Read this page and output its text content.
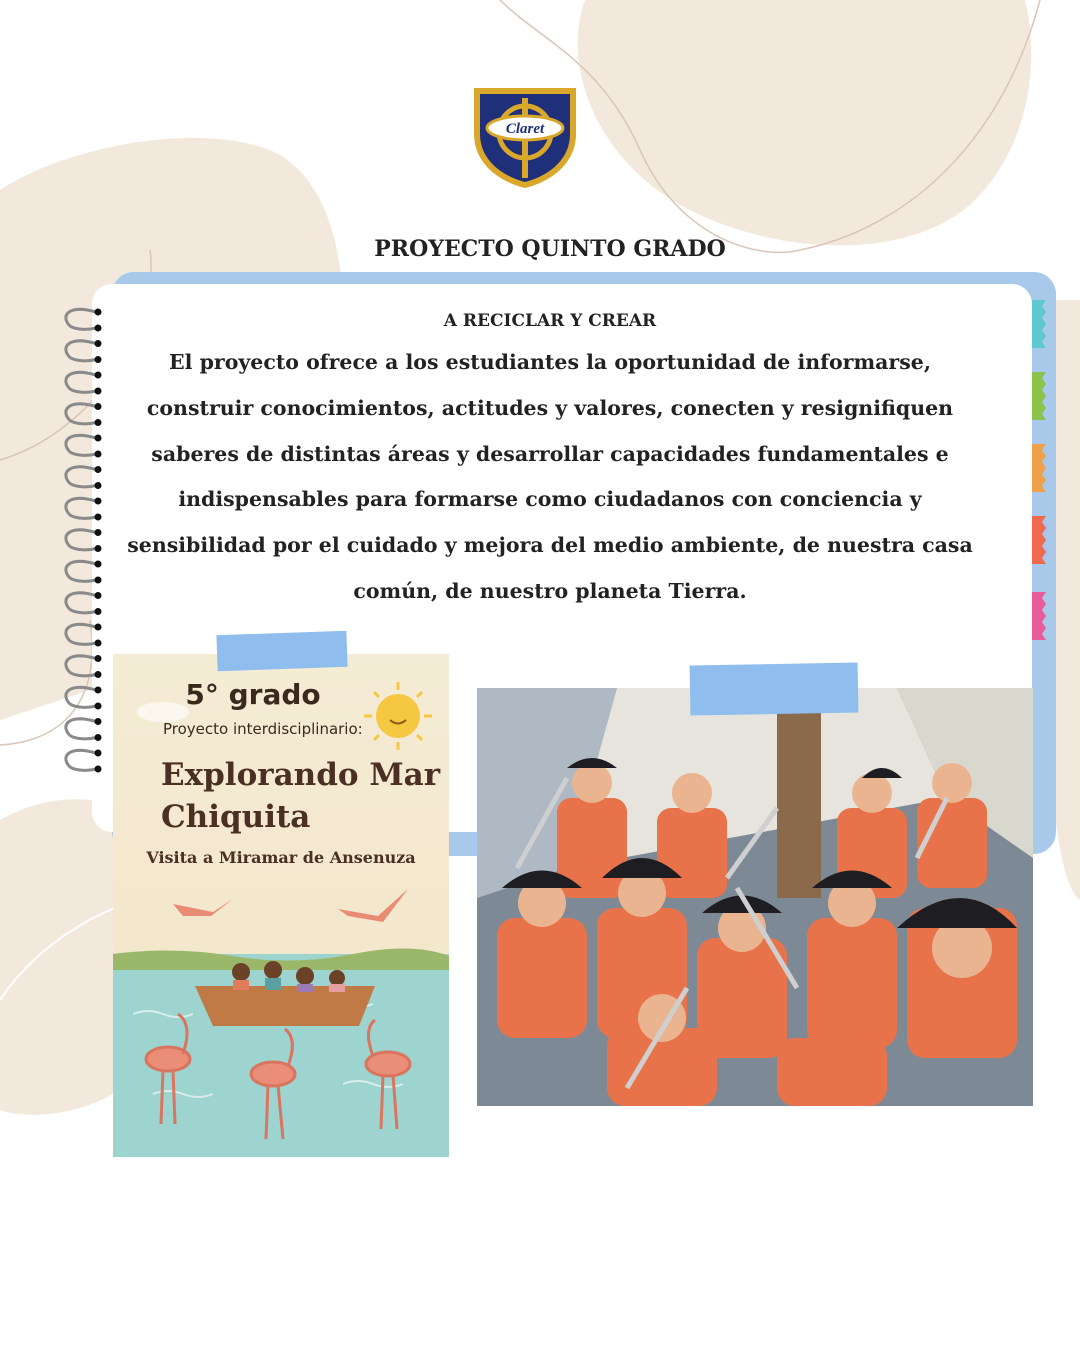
Claret
PROYECTO QUINTO GRADO
A RECICLAR Y CREAR
El proyecto ofrece a los estudiantes la oportunidad de informarse, construir conocimientos, actitudes y valores, conecten y resignifiquen saberes de distintas áreas y desarrollar capacidades fundamentales e indispensables para formarse como ciudadanos con conciencia y sensibilidad por el cuidado y mejora del medio ambiente, de nuestra casa común, de nuestro planeta Tierra.
5° grado
Proyecto interdisciplinario:
Explorando Mar Chiquita
Visita a Miramar de Ansenuza
